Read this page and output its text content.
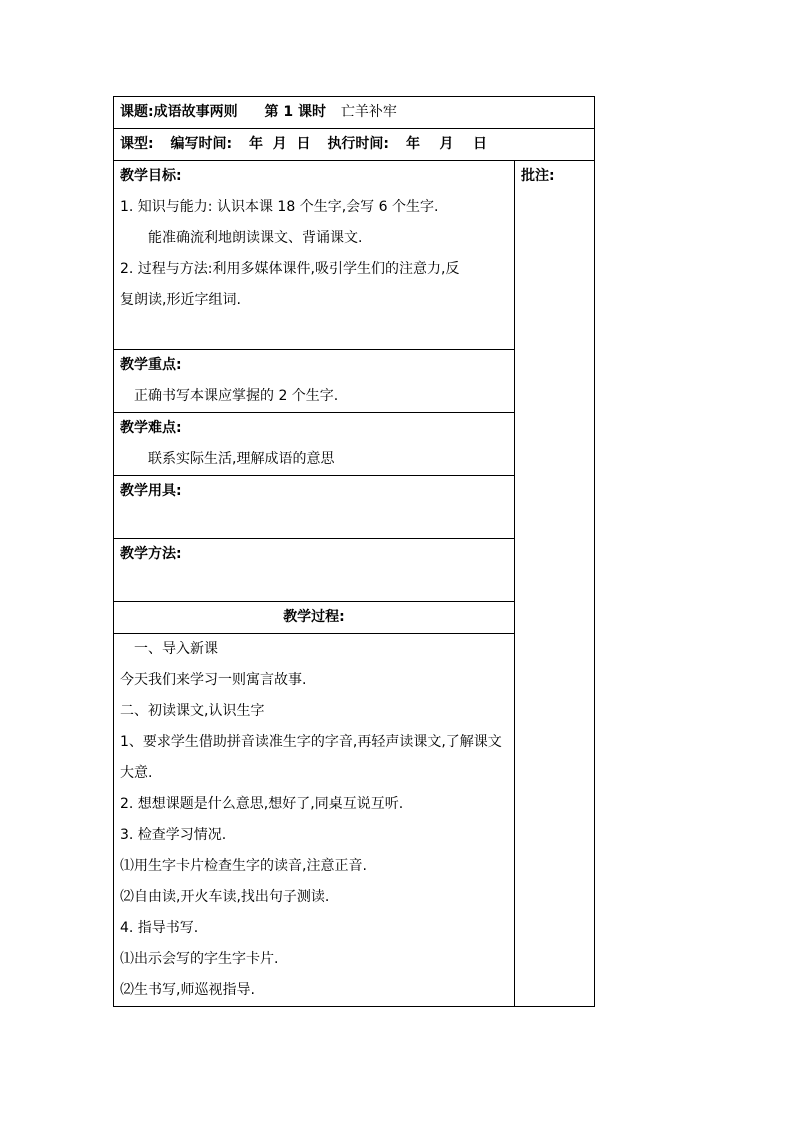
课题:成语故事两则 第 1 课时 亡羊补牢
课型: 编写时间: 年  月  日 执行时间: 年    月    日

教学目标:
1. 知识与能力: 认识本课 18 个生字,会写 6 个生字.
能准确流利地朗读课文、背诵课文.
2. 过程与方法:利用多媒体课件,吸引学生们的注意力,反
复朗读,形近字组词.

批注:

教学重点:
正确书写本课应掌握的 2 个生字.

教学难点:
联系实际生活,理解成语的意思

教学用具:

教学方法:

教学过程:

一、导入新课
今天我们来学习一则寓言故事.
二、初读课文,认识生字
1、要求学生借助拼音读准生字的字音,再轻声读课文,了解课文
大意.
2. 想想课题是什么意思,想好了,同桌互说互听.
3. 检查学习情况.
⑴用生字卡片检查生字的读音,注意正音.
⑵自由读,开火车读,找出句子测读.
4. 指导书写.
⑴出示会写的字生字卡片.
⑵生书写,师巡视指导.
